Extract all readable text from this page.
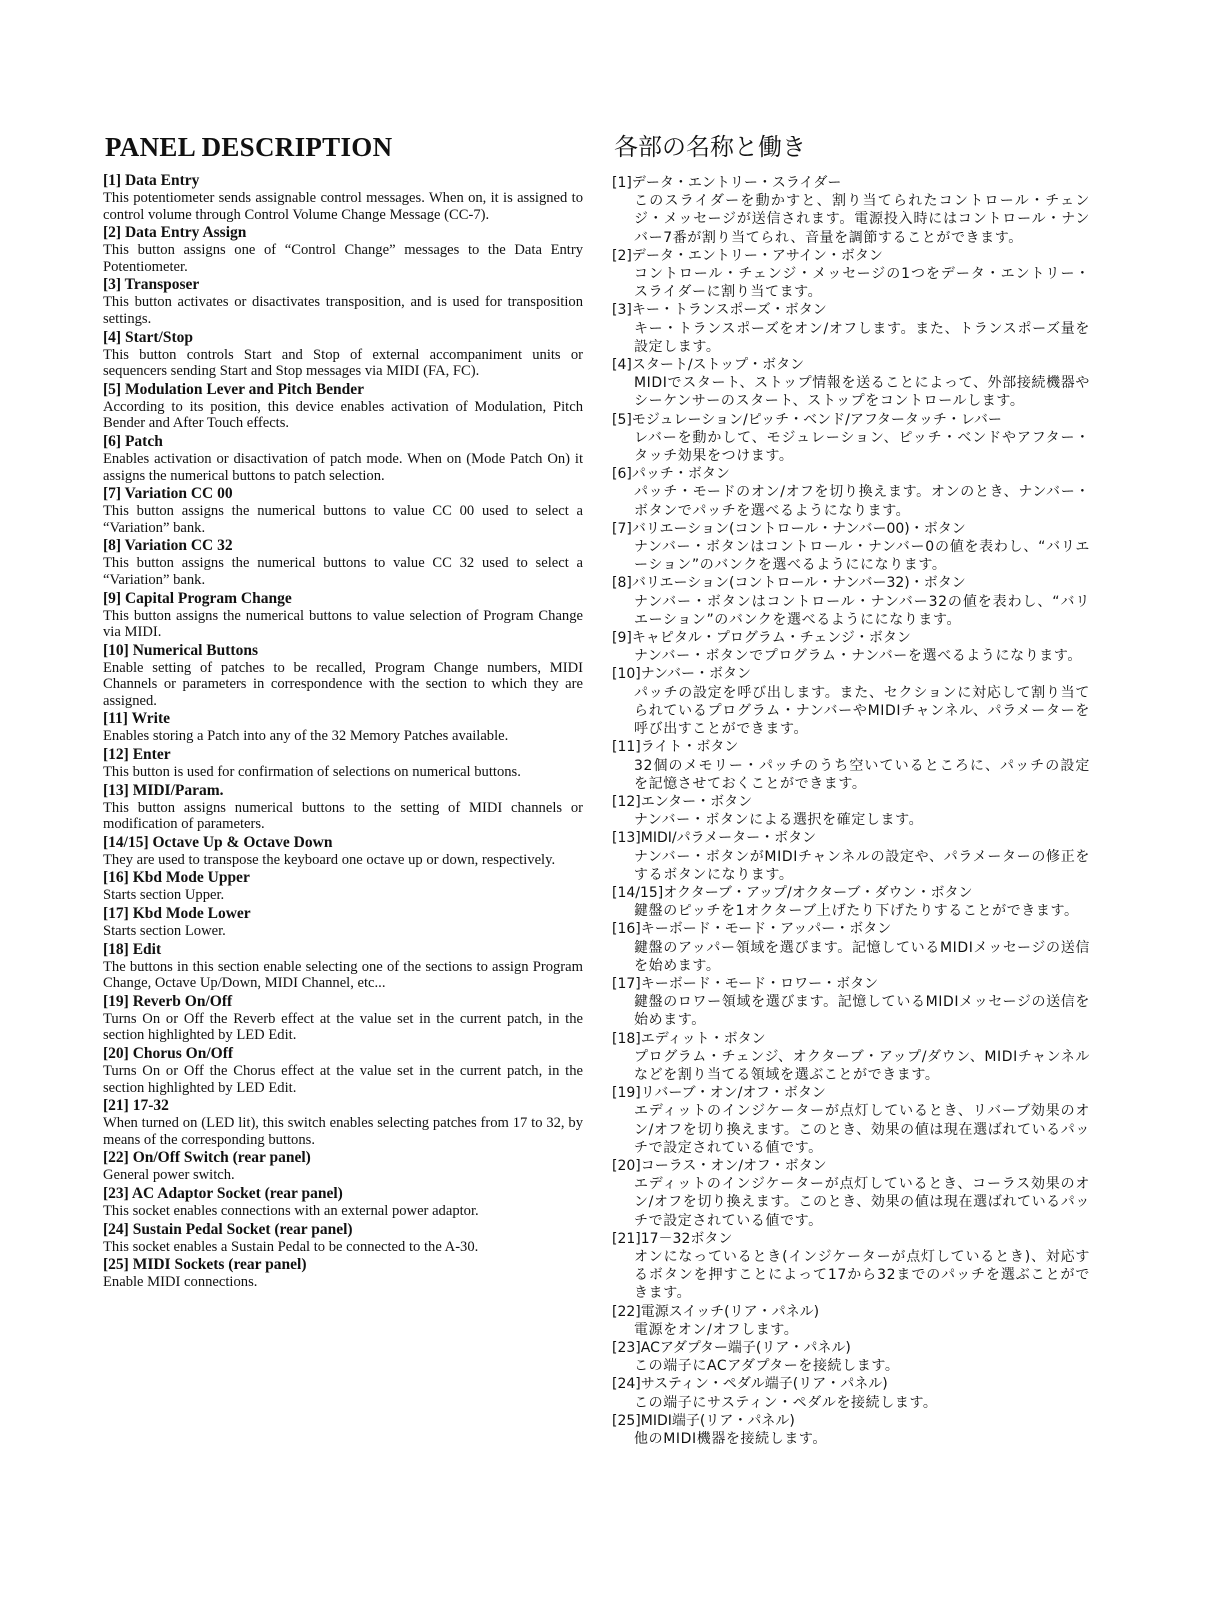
PANEL DESCRIPTION
[1] Data Entry
This potentiometer sends assignable control messages. When on, it is assigned to control volume through Control Volume Change Message (CC-7).
[2] Data Entry Assign
This button assigns one of “Control Change” messages to the Data Entry Potentiometer.
[3] Transposer
This button activates or disactivates transposition, and is used for transposition settings.
[4] Start/Stop
This button controls Start and Stop of external accompaniment units or sequencers sending Start and Stop messages via MIDI (FA, FC).
[5] Modulation Lever and Pitch Bender
According to its position, this device enables activation of Modulation, Pitch Bender and After Touch effects.
[6] Patch
Enables activation or disactivation of patch mode. When on (Mode Patch On) it assigns the numerical buttons to patch selection.
[7] Variation CC 00
This button assigns the numerical buttons to value CC 00 used to select a “Variation” bank.
[8] Variation CC 32
This button assigns the numerical buttons to value CC 32 used to select a “Variation” bank.
[9] Capital Program Change
This button assigns the numerical buttons to value selection of Program Change via MIDI.
[10] Numerical Buttons
Enable setting of patches to be recalled, Program Change numbers, MIDI Channels or parameters in correspondence with the section to which they are assigned.
[11] Write
Enables storing a Patch into any of the 32 Memory Patches available.
[12] Enter
This button is used for confirmation of selections on numerical buttons.
[13] MIDI/Param.
This button assigns numerical buttons to the setting of MIDI channels or modification of parameters.
[14/15] Octave Up & Octave Down
They are used to transpose the keyboard one octave up or down, respectively.
[16] Kbd Mode Upper
Starts section Upper.
[17] Kbd Mode Lower
Starts section Lower.
[18] Edit
The buttons in this section enable selecting one of the sections to assign Program Change, Octave Up/Down, MIDI Channel, etc...
[19] Reverb On/Off
Turns On or Off the Reverb effect at the value set in the current patch, in the section highlighted by LED Edit.
[20] Chorus On/Off
Turns On or Off the Chorus effect at the value set in the current patch, in the section highlighted by LED Edit.
[21] 17-32
When turned on (LED lit), this switch enables selecting patches from 17 to 32, by means of the corresponding buttons.
[22] On/Off Switch (rear panel)
General power switch.
[23] AC Adaptor Socket (rear panel)
This socket enables connections with an external power adaptor.
[24] Sustain Pedal Socket (rear panel)
This socket enables a Sustain Pedal to be connected to the A-30.
[25] MIDI Sockets (rear panel)
Enable MIDI connections.
各部の名称と働き
[1]データ・エントリー・スライダー
このスライダーを動かすと、割り当てられたコントロール・チェンジ・メッセージが送信されます。電源投入時にはコントロール・ナンバー7番が割り当てられ、音量を調節することができます。
[2]データ・エントリー・アサイン・ボタン
コントロール・チェンジ・メッセージの1つをデータ・エントリー・スライダーに割り当てます。
[3]キー・トランスポーズ・ボタン
キー・トランスポーズをオン/オフします。また、トランスポーズ量を設定します。
[4]スタート/ストップ・ボタン
MIDIでスタート、ストップ情報を送ることによって、外部接続機器やシーケンサーのスタート、ストップをコントロールします。
[5]モジュレーション/ピッチ・ベンド/アフタータッチ・レバー
レバーを動かして、モジュレーション、ピッチ・ベンドやアフター・タッチ効果をつけます。
[6]パッチ・ボタン
パッチ・モードのオン/オフを切り換えます。オンのとき、ナンバー・ボタンでパッチを選べるようになります。
[7]バリエーション(コントロール・ナンバー00)・ボタン
ナンバー・ボタンはコントロール・ナンバー0の値を表わし、“バリエーション”のバンクを選べるようにになります。
[8]バリエーション(コントロール・ナンバー32)・ボタン
ナンバー・ボタンはコントロール・ナンバー32の値を表わし、“バリエーション”のバンクを選べるようにになります。
[9]キャピタル・プログラム・チェンジ・ボタン
ナンバー・ボタンでプログラム・ナンバーを選べるようになります。
[10]ナンバー・ボタン
パッチの設定を呼び出します。また、セクションに対応して割り当てられているプログラム・ナンバーやMIDIチャンネル、パラメーターを呼び出すことができます。
[11]ライト・ボタン
32個のメモリー・パッチのうち空いているところに、パッチの設定を記憶させておくことができます。
[12]エンター・ボタン
ナンバー・ボタンによる選択を確定します。
[13]MIDI/パラメーター・ボタン
ナンバー・ボタンがMIDIチャンネルの設定や、パラメーターの修正をするボタンになります。
[14/15]オクターブ・アップ/オクターブ・ダウン・ボタン
鍵盤のピッチを1オクターブ上げたり下げたりすることができます。
[16]キーボード・モード・アッパー・ボタン
鍵盤のアッパー領域を選びます。記憶しているMIDIメッセージの送信を始めます。
[17]キーボード・モード・ロワー・ボタン
鍵盤のロワー領域を選びます。記憶しているMIDIメッセージの送信を始めます。
[18]エディット・ボタン
プログラム・チェンジ、オクターブ・アップ/ダウン、MIDIチャンネルなどを割り当てる領域を選ぶことができます。
[19]リバーブ・オン/オフ・ボタン
エディットのインジケーターが点灯しているとき、リバーブ効果のオン/オフを切り換えます。このとき、効果の値は現在選ばれているパッチで設定されている値です。
[20]コーラス・オン/オフ・ボタン
エディットのインジケーターが点灯しているとき、コーラス効果のオン/オフを切り換えます。このとき、効果の値は現在選ばれているパッチで設定されている値です。
[21]17－32ボタン
オンになっているとき(インジケーターが点灯しているとき)、対応するボタンを押すことによって17から32までのパッチを選ぶことができます。
[22]電源スイッチ(リア・パネル)
電源をオン/オフします。
[23]ACアダプター端子(リア・パネル)
この端子にACアダプターを接続します。
[24]サスティン・ペダル端子(リア・パネル)
この端子にサスティン・ペダルを接続します。
[25]MIDI端子(リア・パネル)
他のMIDI機器を接続します。
